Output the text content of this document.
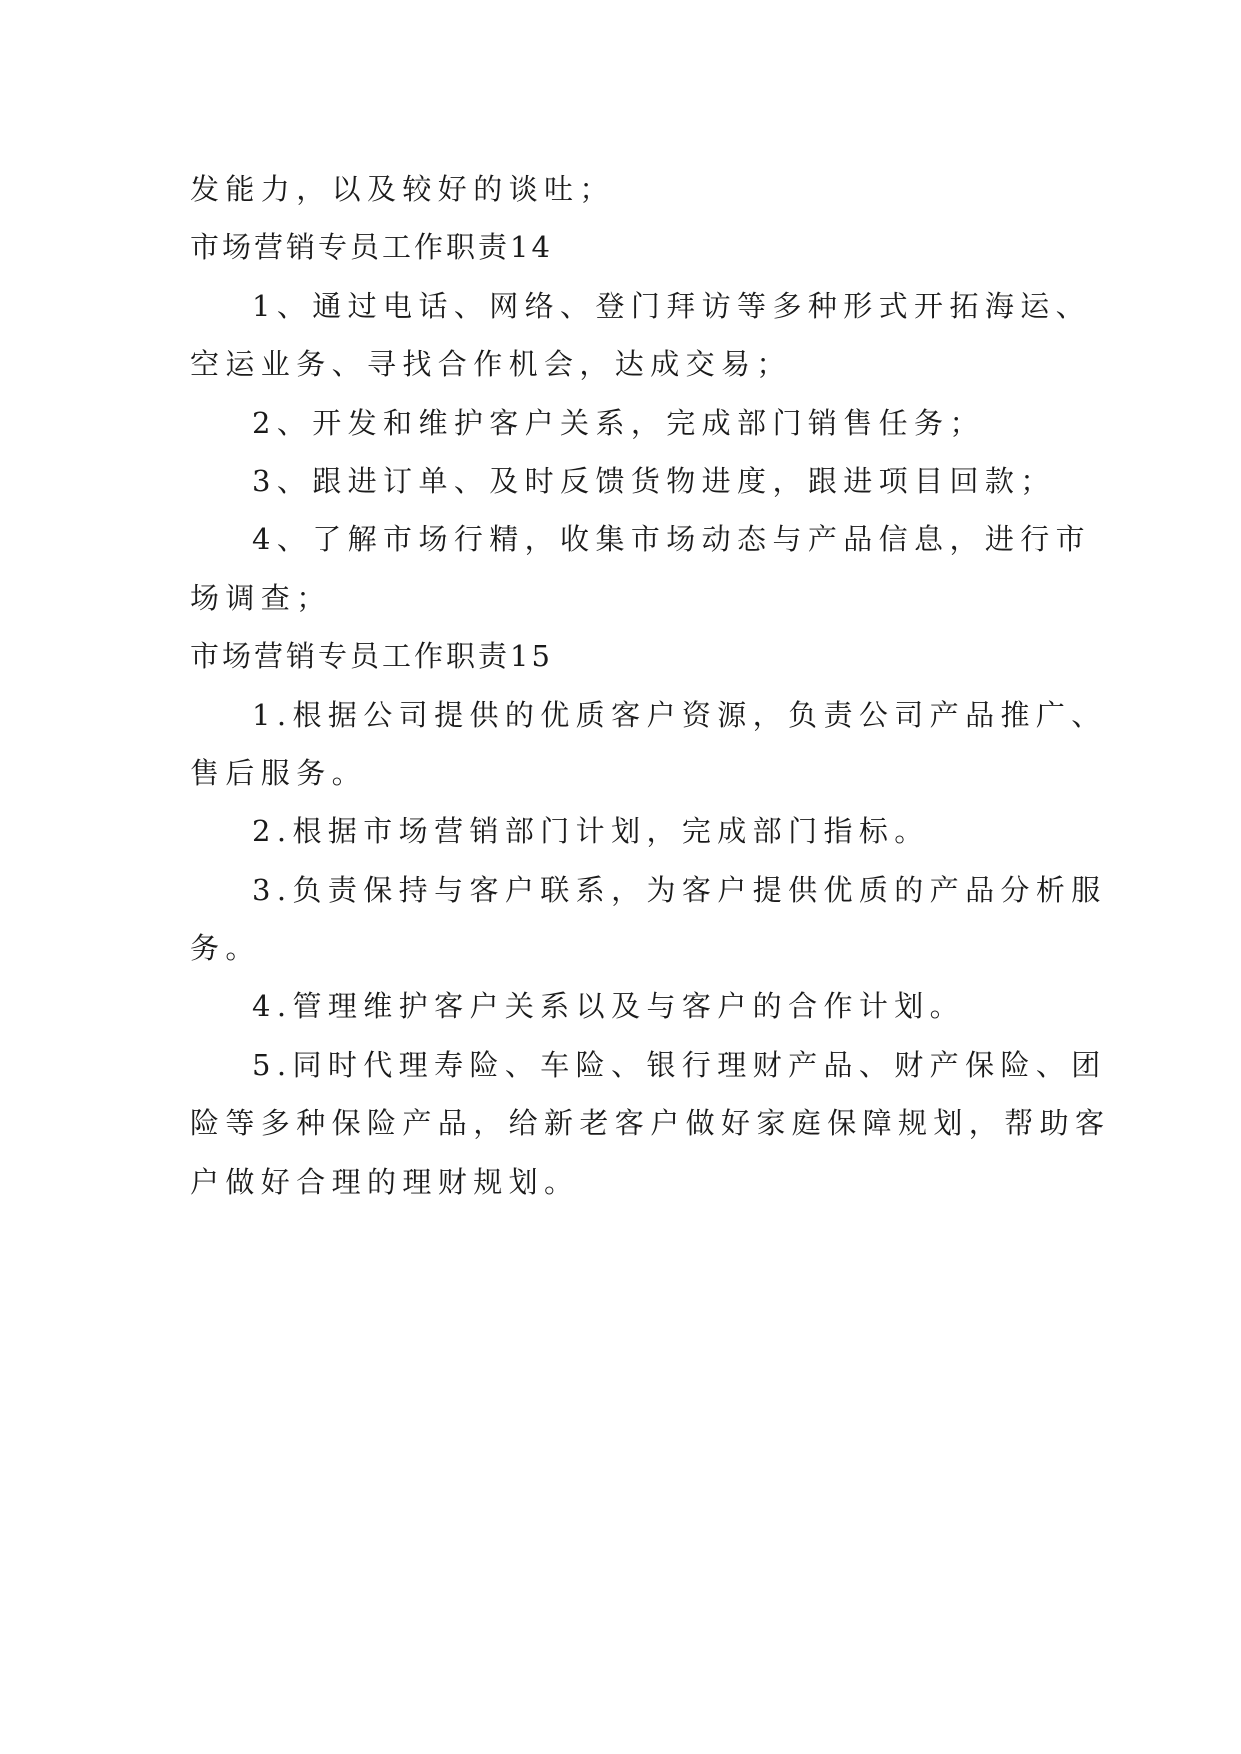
发能力，以及较好的谈吐；
市场营销专员工作职责14
1、通过电话、网络、登门拜访等多种形式开拓海运、
空运业务、寻找合作机会，达成交易；
2、开发和维护客户关系，完成部门销售任务；
3、跟进订单、及时反馈货物进度，跟进项目回款；
4、了解市场行精，收集市场动态与产品信息，进行市
场调查；
市场营销专员工作职责15
1.根据公司提供的优质客户资源，负责公司产品推广、
售后服务。
2.根据市场营销部门计划，完成部门指标。
3.负责保持与客户联系，为客户提供优质的产品分析服
务。
4.管理维护客户关系以及与客户的合作计划。
5.同时代理寿险、车险、银行理财产品、财产保险、团
险等多种保险产品，给新老客户做好家庭保障规划，帮助客
户做好合理的理财规划。
